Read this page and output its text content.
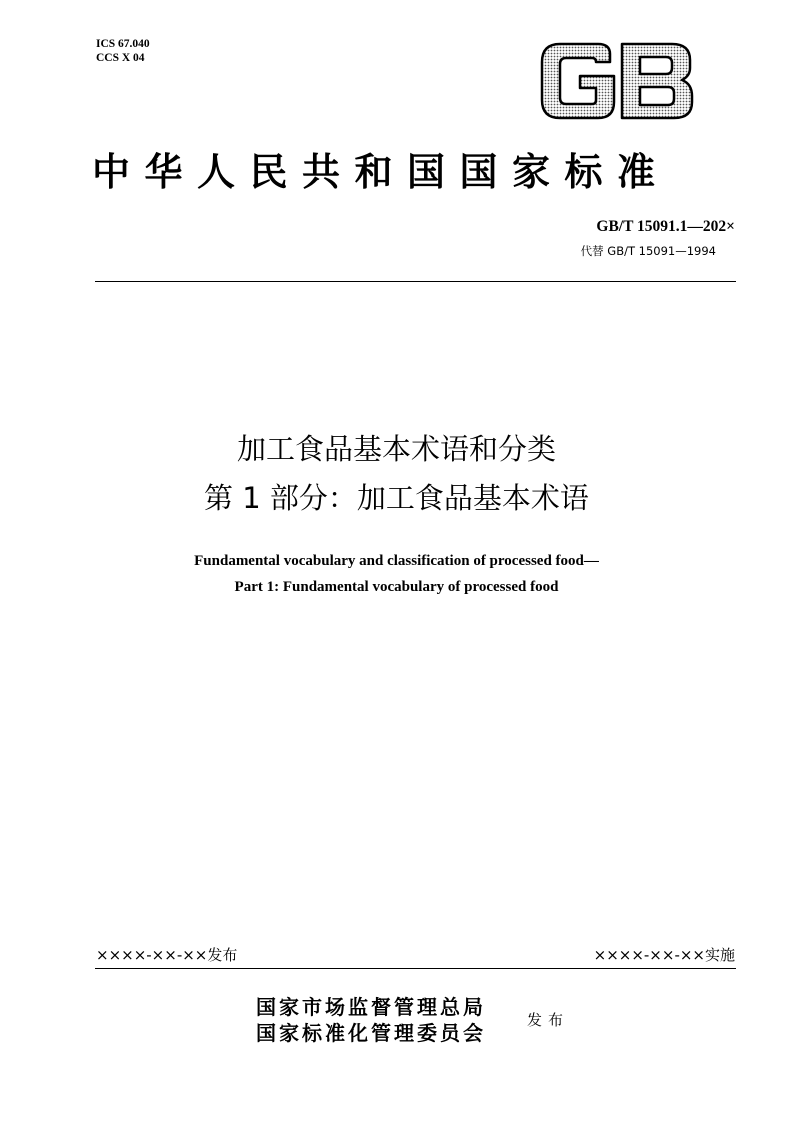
ICS 67.040
CCS X 04
中华人民共和国国家标准
GB/T 15091.1—202×
代替 GB/T 15091—1994
加工食品基本术语和分类
第 1 部分：加工食品基本术语
Fundamental vocabulary and classification of processed food—
Part 1: Fundamental vocabulary of processed food
××××-××-××发布	××××-××-××实施
国家市场监督管理总局
国家标准化管理委员会
发布
